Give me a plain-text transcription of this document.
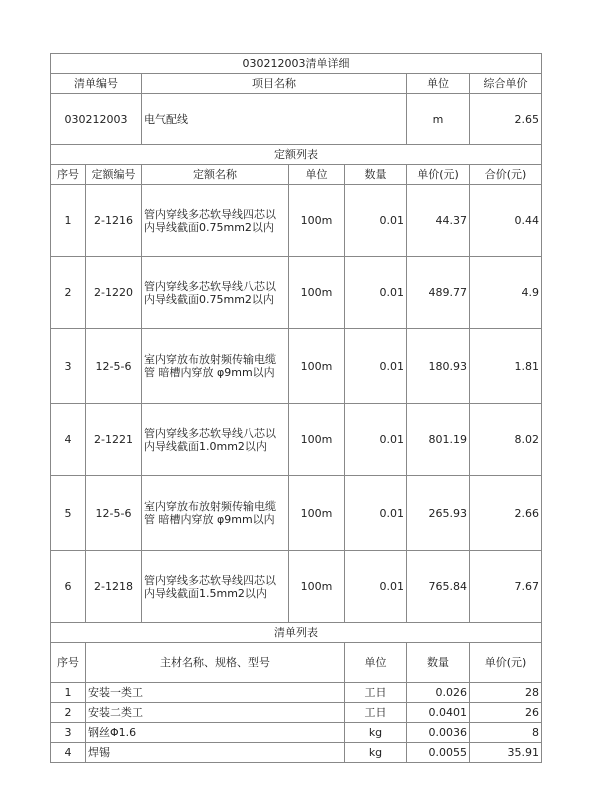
030212003清单详细							
清单编号		项目名称			单位	综合单价	
030212003		电气配线			m	2.65	
定额列表							
序号	定额编号	定额名称	单位	数量	单价(元)	合价(元)	
1	2-1216	管内穿线多芯软导线四芯以内导线截面0.75mm2以内	100m	0.01	44.37	0.44	
2	2-1220	管内穿线多芯软导线八芯以内导线截面0.75mm2以内	100m	0.01	489.77	4.9	
3	12-5-6	室内穿放布放射频传输电缆 管 暗槽内穿放 φ9mm以内	100m	0.01	180.93	1.81	
4	2-1221	管内穿线多芯软导线八芯以内导线截面1.0mm2以内	100m	0.01	801.19	8.02	
5	12-5-6	室内穿放布放射频传输电缆 管 暗槽内穿放 φ9mm以内	100m	0.01	265.93	2.66	
6	2-1218	管内穿线多芯软导线四芯以内导线截面1.5mm2以内	100m	0.01	765.84	7.67	
清单列表							
序号	主材名称、规格、型号			单位	数量	单价(元)	
1	安装一类工			工日	0.026	28	
2	安装二类工			工日	0.0401	26	
3	钢丝Φ1.6			kg	0.0036	8	
4	焊锡			kg	0.0055	35.91	
